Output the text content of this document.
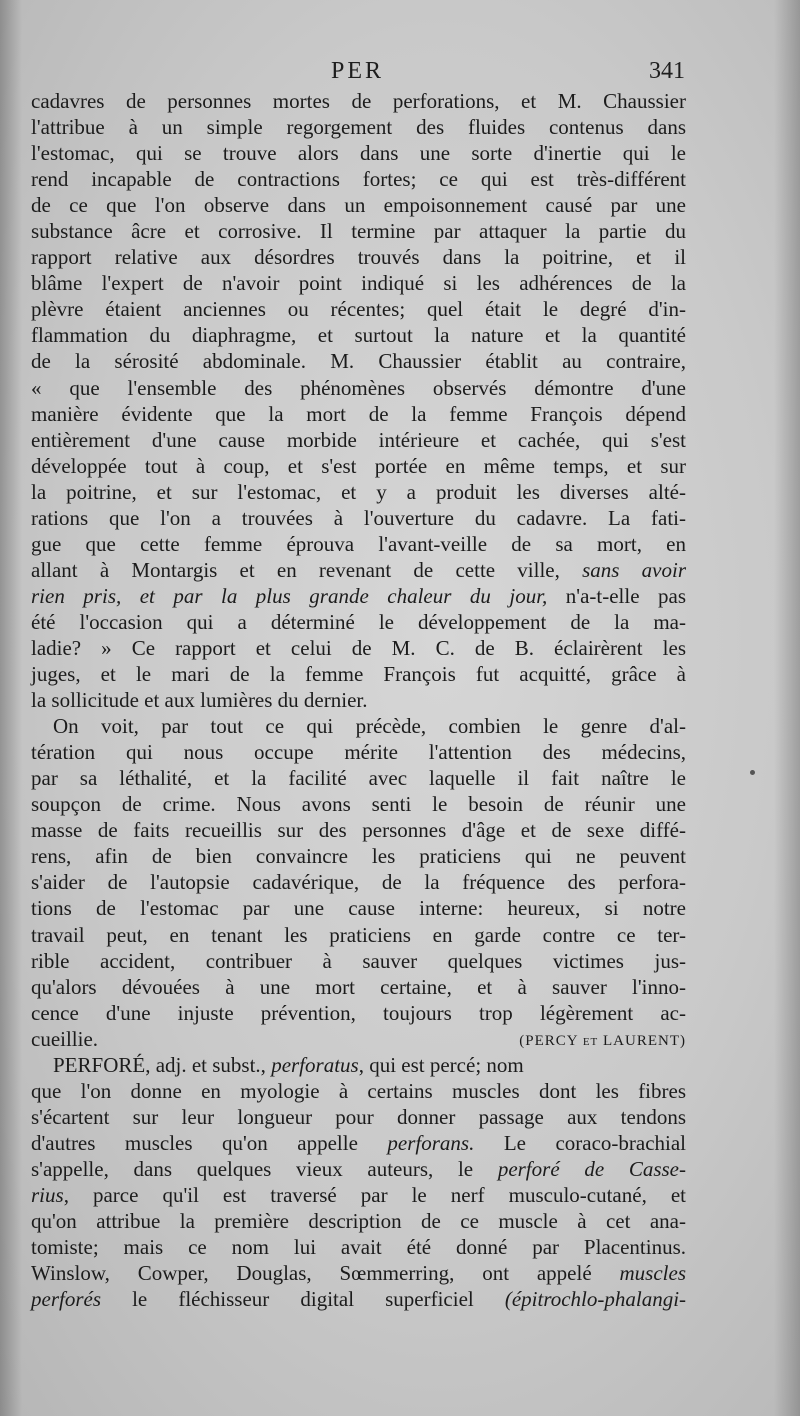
PER	341
cadavres de personnes mortes de perforations, et M. Chaussier
l'attribue à un simple regorgement des fluides contenus dans
l'estomac, qui se trouve alors dans une sorte d'inertie qui le
rend incapable de contractions fortes; ce qui est très-différent
de ce que l'on observe dans un empoisonnement causé par une
substance âcre et corrosive. Il termine par attaquer la partie du
rapport relative aux désordres trouvés dans la poitrine, et il
blâme l'expert de n'avoir point indiqué si les adhérences de la
plèvre étaient anciennes ou récentes; quel était le degré d'in-
flammation du diaphragme, et surtout la nature et la quantité
de la sérosité abdominale. M. Chaussier établit au contraire,
« que l'ensemble des phénomènes observés démontre d'une
manière évidente que la mort de la femme François dépend
entièrement d'une cause morbide intérieure et cachée, qui s'est
développée tout à coup, et s'est portée en même temps, et sur
la poitrine, et sur l'estomac, et y a produit les diverses alté-
rations que l'on a trouvées à l'ouverture du cadavre. La fati-
gue que cette femme éprouva l'avant-veille de sa mort, en
allant à Montargis et en revenant de cette ville, sans avoir
rien pris, et par la plus grande chaleur du jour, n'a-t-elle pas
été l'occasion qui a déterminé le développement de la ma-
ladie? » Ce rapport et celui de M. C. de B. éclairèrent les
juges, et le mari de la femme François fut acquitté, grâce à
la sollicitude et aux lumières du dernier.
On voit, par tout ce qui précède, combien le genre d'al-
tération qui nous occupe mérite l'attention des médecins,
par sa léthalité, et la facilité avec laquelle il fait naître le
soupçon de crime. Nous avons senti le besoin de réunir une
masse de faits recueillis sur des personnes d'âge et de sexe diffé-
rens, afin de bien convaincre les praticiens qui ne peuvent
s'aider de l'autopsie cadavérique, de la fréquence des perfora-
tions de l'estomac par une cause interne: heureux, si notre
travail peut, en tenant les praticiens en garde contre ce ter-
rible accident, contribuer à sauver quelques victimes jus-
qu'alors dévouées à une mort certaine, et à sauver l'inno-
cence d'une injuste prévention, toujours trop légèrement ac-
cueillie.	(PERCY et LAURENT)
PERFORÉ, adj. et subst., perforatus, qui est percé; nom
que l'on donne en myologie à certains muscles dont les fibres
s'écartent sur leur longueur pour donner passage aux tendons
d'autres muscles qu'on appelle perforans. Le coraco-brachial
s'appelle, dans quelques vieux auteurs, le perforé de Casse-
rius, parce qu'il est traversé par le nerf musculo-cutané, et
qu'on attribue la première description de ce muscle à cet ana-
tomiste; mais ce nom lui avait été donné par Placentinus.
Winslow, Cowper, Douglas, Sœmmerring, ont appelé muscles
perforés le fléchisseur digital superficiel (épitrochlo-phalangi-
